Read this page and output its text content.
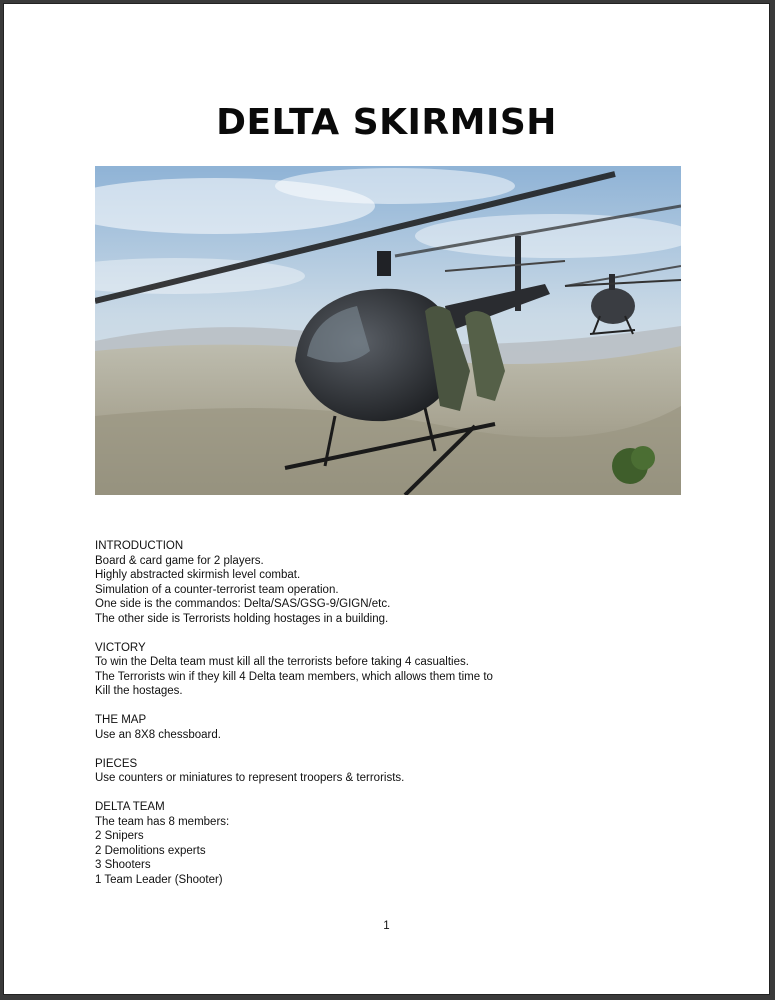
DELTA SKIRMISH
INTRODUCTION
Board & card game for 2 players.
Highly abstracted skirmish level combat.
Simulation of a counter-terrorist team operation.
One side is the commandos: Delta/SAS/GSG-9/GIGN/etc.
The other side is Terrorists holding hostages in a building.
VICTORY
To win the Delta team must kill all the terrorists before taking 4 casualties.
The Terrorists win if they kill 4 Delta team members, which allows them time to
Kill the hostages.
THE MAP
Use an 8X8 chessboard.
PIECES
Use counters or miniatures to represent troopers & terrorists.
DELTA TEAM
The team has 8 members:
2 Snipers
2 Demolitions experts
3 Shooters
1 Team Leader (Shooter)
1
